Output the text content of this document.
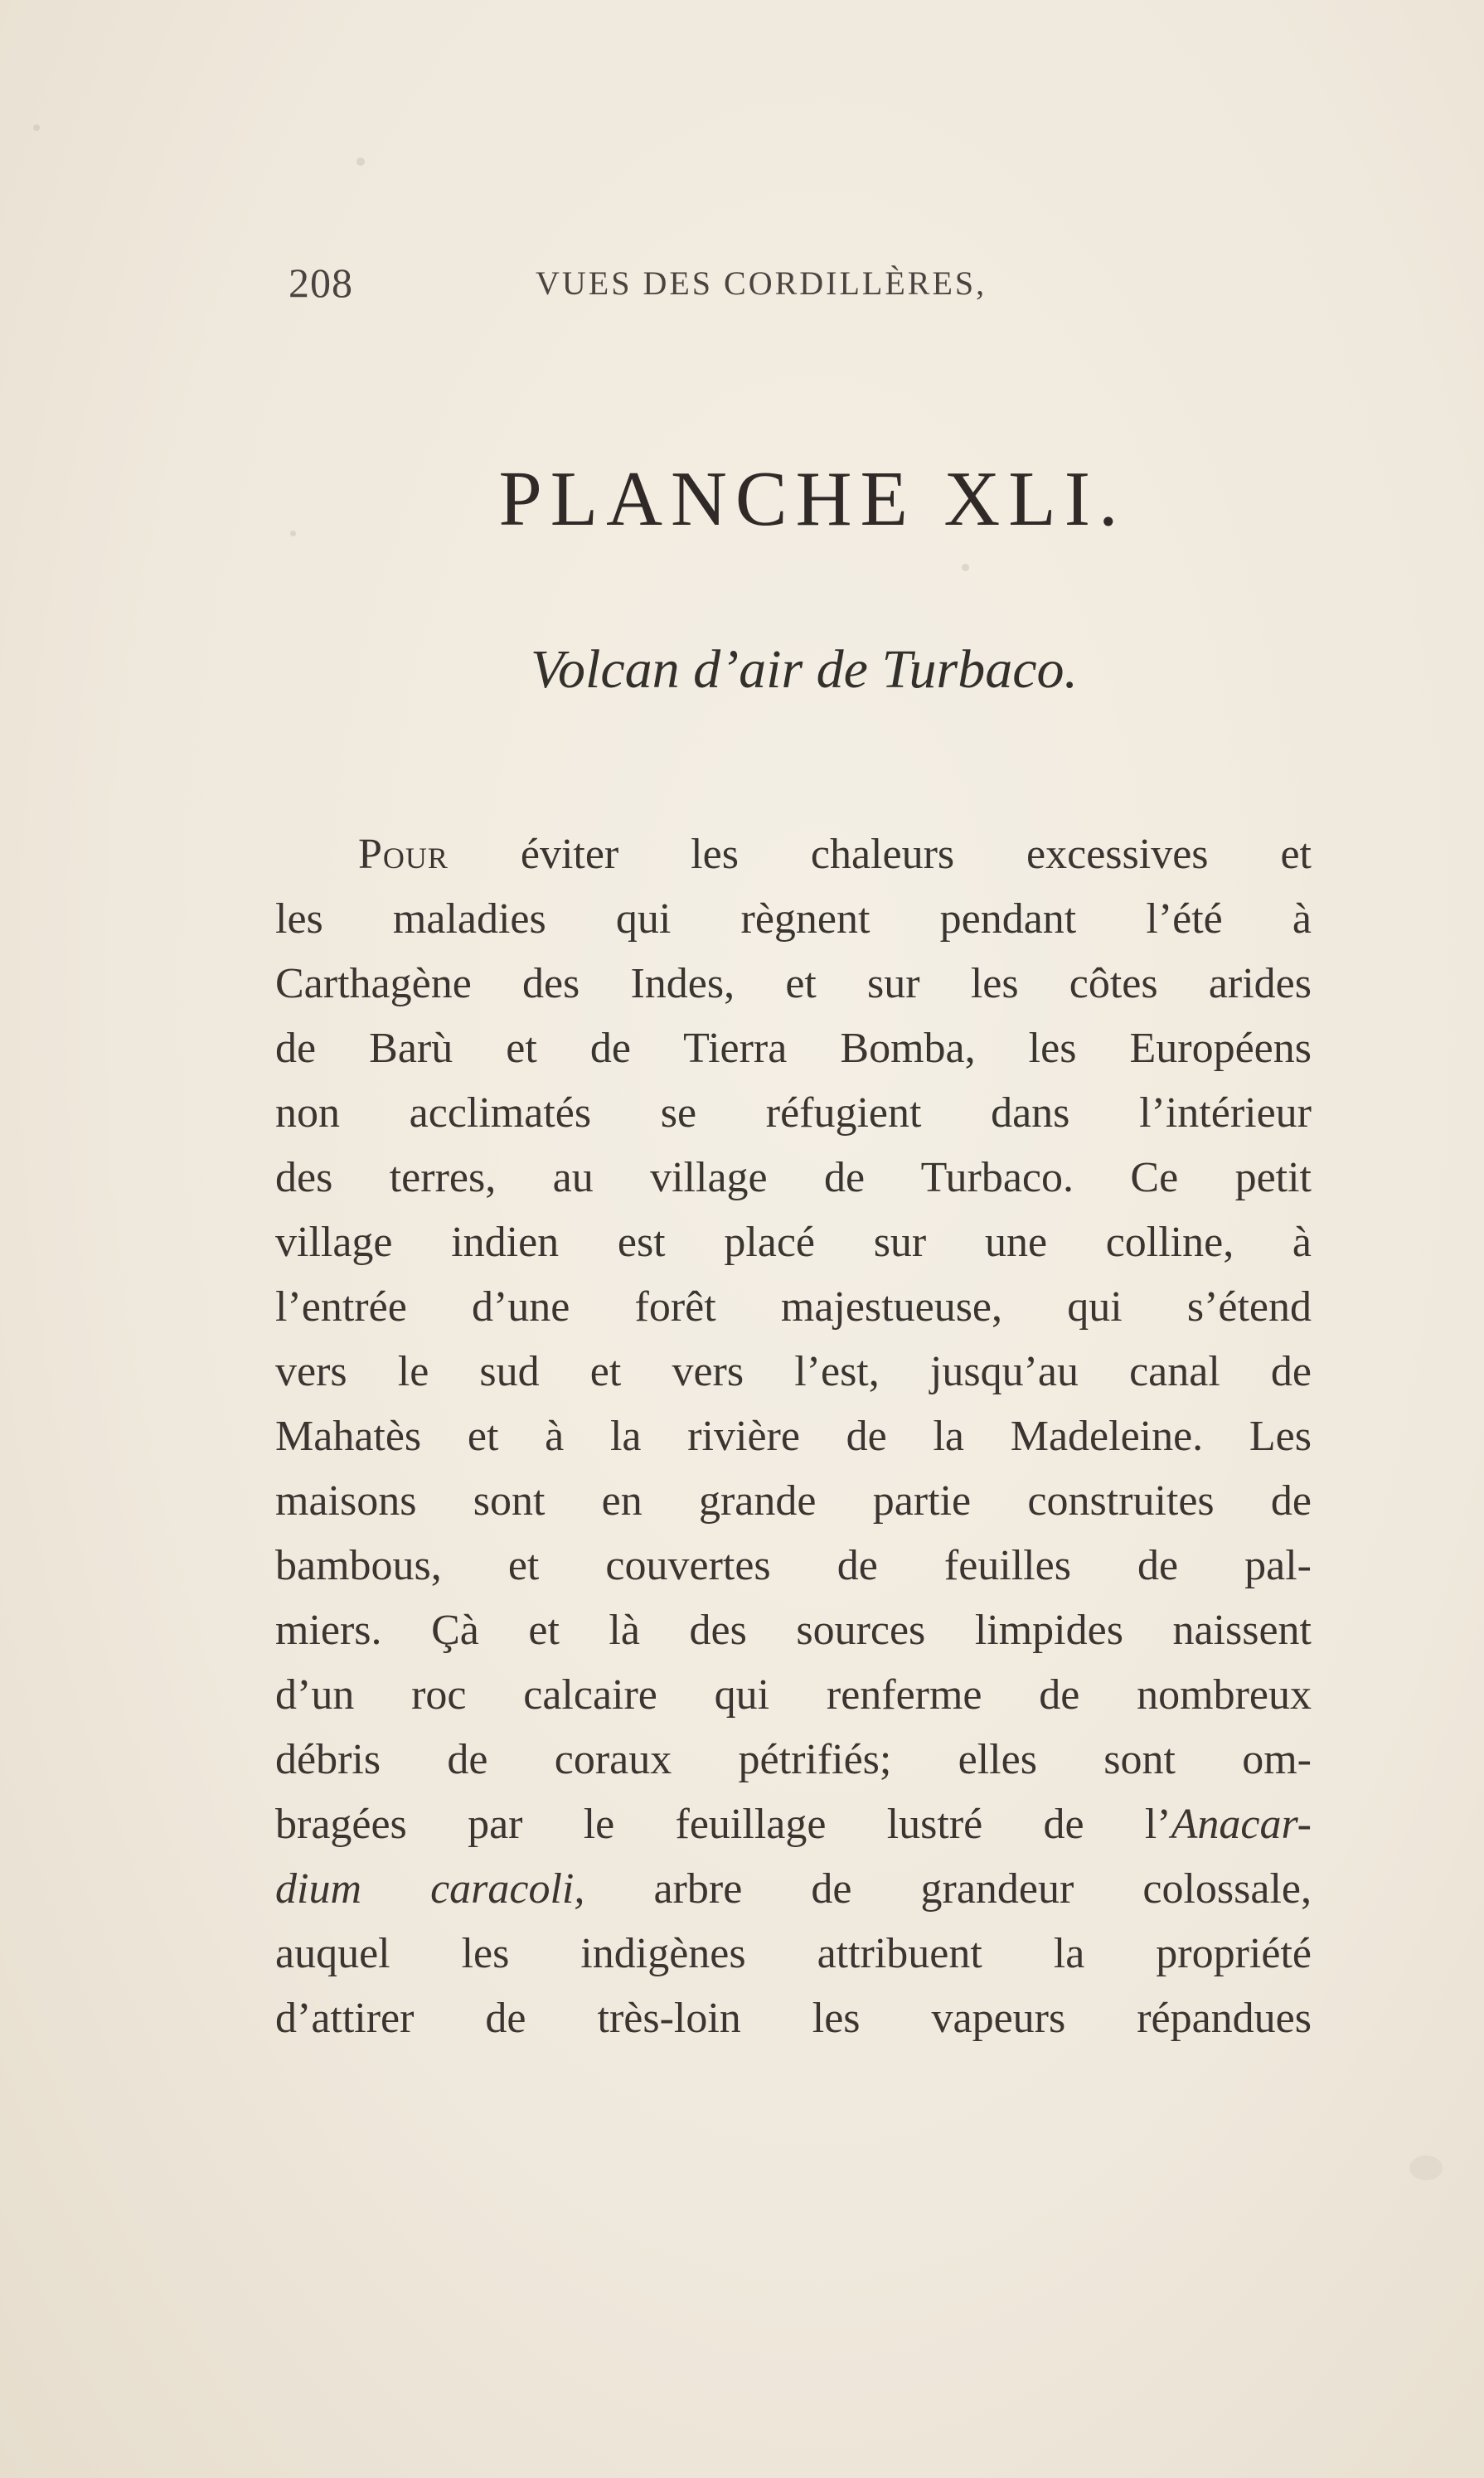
208	VUES DES CORDILLÈRES,
PLANCHE XLI.
Volcan d’air de Turbaco.
Pour éviter les chaleurs excessives et
les maladies qui règnent pendant l’été à
Carthagène des Indes, et sur les côtes arides
de Barù et de Tierra Bomba, les Européens
non acclimatés se réfugient dans l’intérieur
des terres, au village de Turbaco. Ce petit
village indien est placé sur une colline, à
l’entrée d’une forêt majestueuse, qui s’étend
vers le sud et vers l’est, jusqu’au canal de
Mahatès et à la rivière de la Madeleine. Les
maisons sont en grande partie construites de
bambous, et couvertes de feuilles de pal-
miers. Çà et là des sources limpides naissent
d’un roc calcaire qui renferme de nombreux
débris de coraux pétrifiés; elles sont om-
bragées par le feuillage lustré de l’Anacar-
dium caracoli, arbre de grandeur colossale,
auquel les indigènes attribuent la propriété
d’attirer de très-loin les vapeurs répandues
